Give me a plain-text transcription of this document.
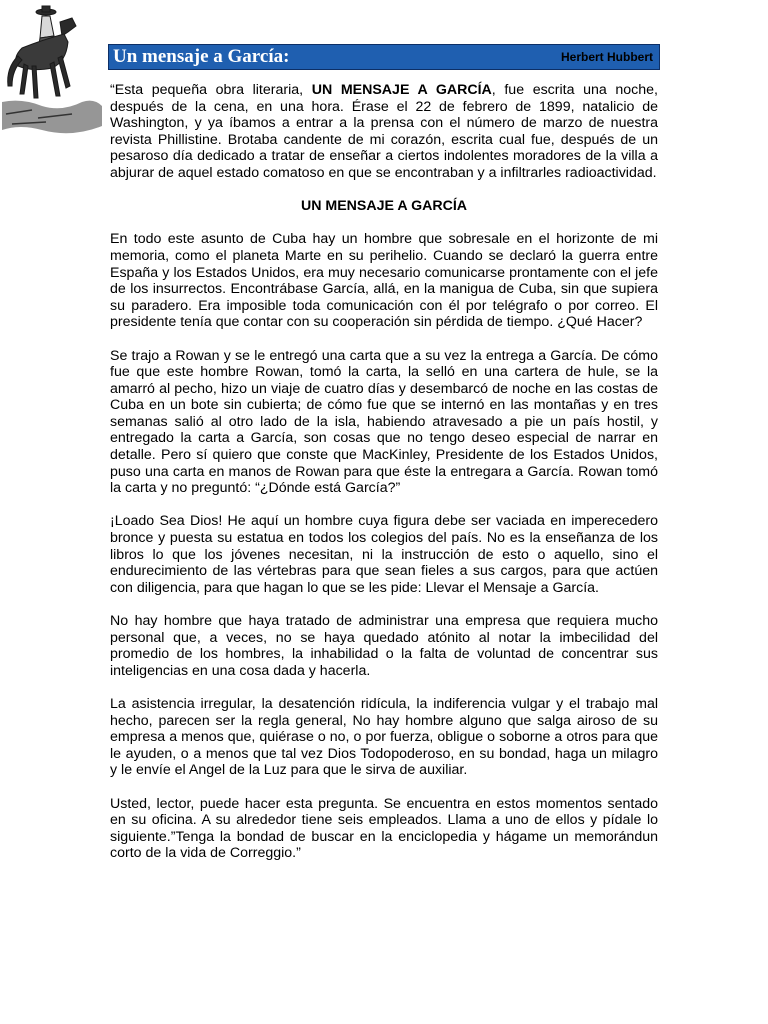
Un mensaje a García:	Herbert Hubbert

“Esta pequeña obra literaria, UN MENSAJE A GARCÍA, fue escrita una noche, después de la cena, en una hora. Érase el 22 de febrero de 1899, natalicio de Washington, y ya íbamos a entrar a la prensa con el número de marzo de nuestra revista Phillistine. Brotaba candente de mi corazón, escrita cual fue, después de un pesaroso día dedicado a tratar de enseñar a ciertos indolentes moradores de la villa a abjurar de aquel estado comatoso en que se encontraban y a infiltrarles radioactividad.

UN MENSAJE A GARCÍA

En todo este asunto de Cuba hay un hombre que sobresale en el horizonte de mi memoria, como el planeta Marte en su perihelio. Cuando se declaró la guerra entre España y los Estados Unidos, era muy necesario comunicarse prontamente con el jefe de los insurrectos. Encontrábase García, allá, en la manigua de Cuba, sin que supiera su paradero. Era imposible toda comunicación con él por telégrafo o por correo. El presidente tenía que contar con su cooperación sin pérdida de tiempo. ¿Qué Hacer?

Se trajo a Rowan y se le entregó una carta que a su vez la entrega a García. De cómo fue que este hombre Rowan, tomó la carta, la selló en una cartera de hule, se la amarró al pecho, hizo un viaje de cuatro días y desembarcó de noche en las costas de Cuba en un bote sin cubierta; de cómo fue que se internó en las montañas y en tres semanas salió al otro lado de la isla, habiendo atravesado a pie un país hostil, y entregado la carta a García, son cosas que no tengo deseo especial de narrar en detalle. Pero sí quiero que conste que MacKinley, Presidente de los Estados Unidos, puso una carta en manos de Rowan para que éste la entregara a García. Rowan tomó la carta y no preguntó: “¿Dónde está García?”

¡Loado Sea Dios! He aquí un hombre cuya figura debe ser vaciada en imperecedero bronce y puesta su estatua en todos los colegios del país. No es la enseñanza de los libros lo que los jóvenes necesitan, ni la instrucción de esto o aquello, sino el endurecimiento de las vértebras para que sean fieles a sus cargos, para que actúen con diligencia, para que hagan lo que se les pide: Llevar el Mensaje a García.

No hay hombre que haya tratado de administrar una empresa que requiera mucho personal que, a veces, no se haya quedado atónito al notar la imbecilidad del promedio de los hombres, la inhabilidad o la falta de voluntad de concentrar sus inteligencias en una cosa dada y hacerla.

La asistencia irregular, la desatención ridícula, la indiferencia vulgar y el trabajo mal hecho, parecen ser la regla general, No hay hombre alguno que salga airoso de su empresa a menos que, quiérase o no, o por fuerza, obligue o soborne a otros para que le ayuden, o a menos que tal vez Dios Todopoderoso, en su bondad, haga un milagro y le envíe el Angel de la Luz para que le sirva de auxiliar.

Usted, lector, puede hacer esta pregunta. Se encuentra en estos momentos sentado en su oficina. A su alrededor tiene seis empleados. Llama a uno de ellos y pídale lo siguiente.”Tenga la bondad de buscar en la enciclopedia y hágame un memorándun corto de la vida de Correggio.”
